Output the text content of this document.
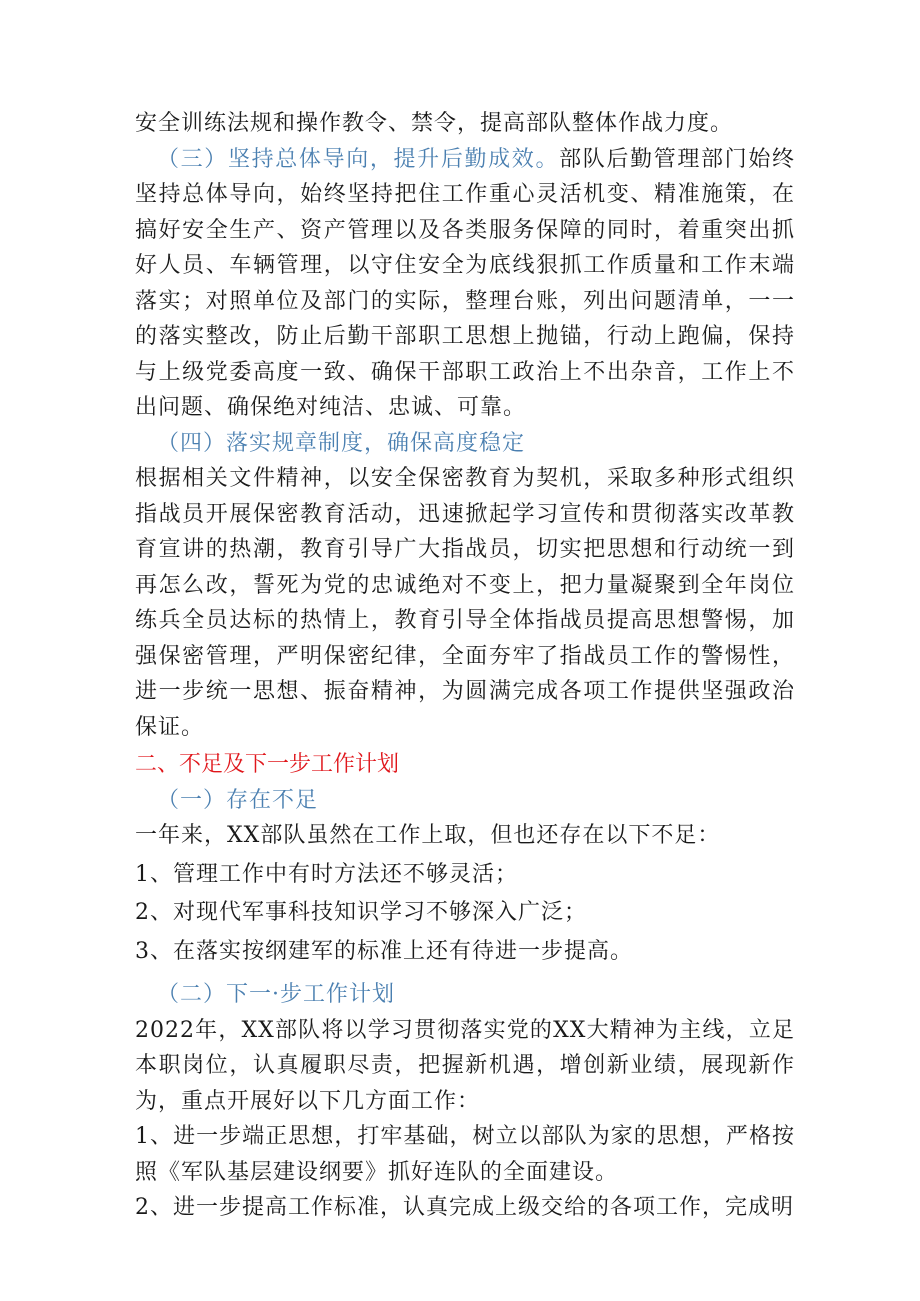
安全训练法规和操作教令、禁令，提高部队整体作战力度。

（三）坚持总体导向，提升后勤成效。部队后勤管理部门始终坚持总体导向，始终坚持把住工作重心灵活机变、精准施策，在搞好安全生产、资产管理以及各类服务保障的同时，着重突出抓好人员、车辆管理，以守住安全为底线狠抓工作质量和工作末端落实；对照单位及部门的实际，整理台账，列出问题清单，一一的落实整改，防止后勤干部职工思想上抛锚，行动上跑偏，保持与上级党委高度一致、确保干部职工政治上不出杂音，工作上不出问题、确保绝对纯洁、忠诚、可靠。

（四）落实规章制度，确保高度稳定

根据相关文件精神，以安全保密教育为契机，采取多种形式组织指战员开展保密教育活动，迅速掀起学习宣传和贯彻落实改革教育宣讲的热潮，教育引导广大指战员，切实把思想和行动统一到再怎么改，誓死为党的忠诚绝对不变上，把力量凝聚到全年岗位练兵全员达标的热情上，教育引导全体指战员提高思想警惕，加强保密管理，严明保密纪律，全面夯牢了指战员工作的警惕性，进一步统一思想、振奋精神，为圆满完成各项工作提供坚强政治保证。

二、不足及下一步工作计划

（一）存在不足

一年来，XX部队虽然在工作上取，但也还存在以下不足：

1、管理工作中有时方法还不够灵活；

2、对现代军事科技知识学习不够深入广泛；

3、在落实按纲建军的标准上还有待进一步提高。

（二）下一·步工作计划

2022年，XX部队将以学习贯彻落实党的XX大精神为主线，立足本职岗位，认真履职尽责，把握新机遇，增创新业绩，展现新作为，重点开展好以下几方面工作：

1、进一步端正思想，打牢基础，树立以部队为家的思想，严格按照《军队基层建设纲要》抓好连队的全面建设。

2、进一步提高工作标准，认真完成上级交给的各项工作，完成明
